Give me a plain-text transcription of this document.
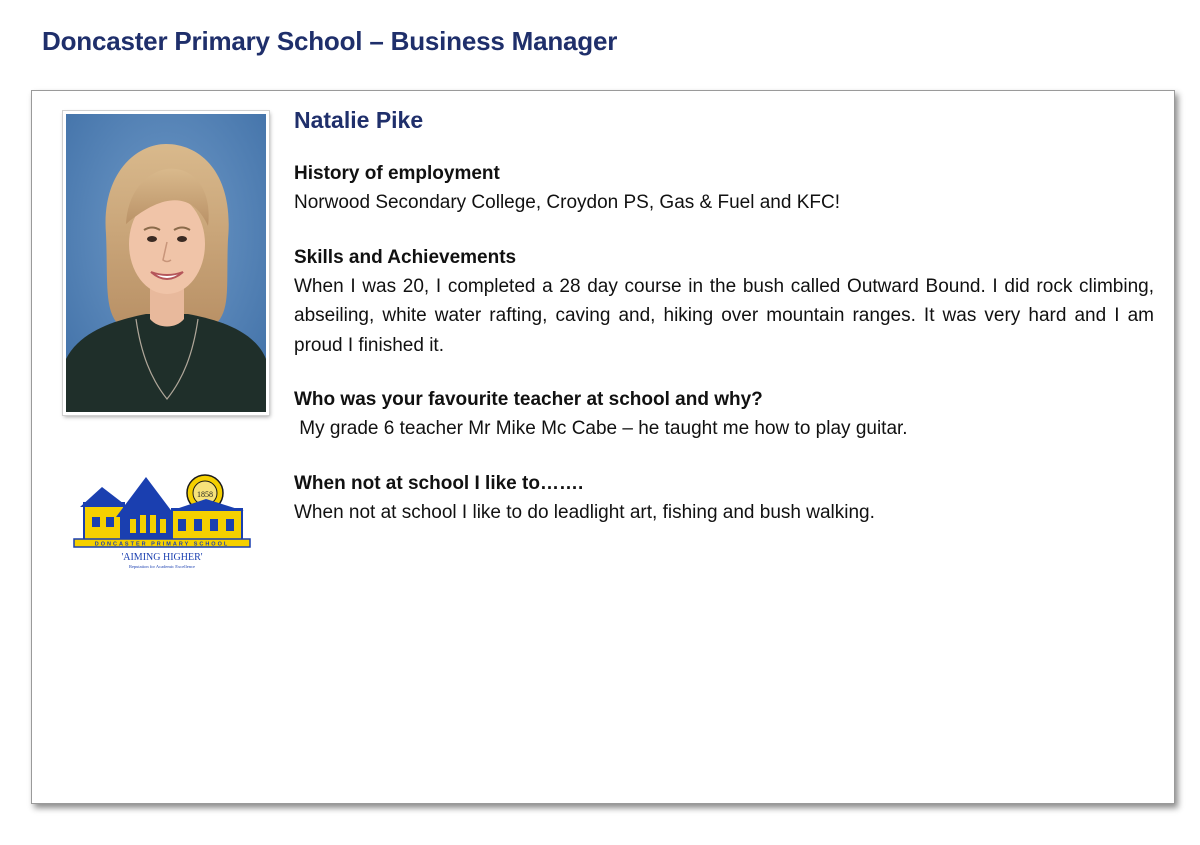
Doncaster Primary School – Business Manager
1858
DONCASTER PRIMARY SCHOOL
'AIMING HIGHER'
Reputation for Academic Excellence
Natalie Pike

History of employment

Norwood Secondary College, Croydon PS, Gas & Fuel and KFC!

Skills and Achievements

When I was 20, I completed a 28 day course in the bush called Outward Bound. I did rock climbing, abseiling, white water rafting, caving and, hiking over mountain ranges. It was very hard and I am proud I finished it.

Who was your favourite teacher at school and why?

My grade 6 teacher Mr Mike Mc Cabe – he taught me how to play guitar.

When not at school I like to…….

When not at school I like to do leadlight art, fishing and bush walking.
